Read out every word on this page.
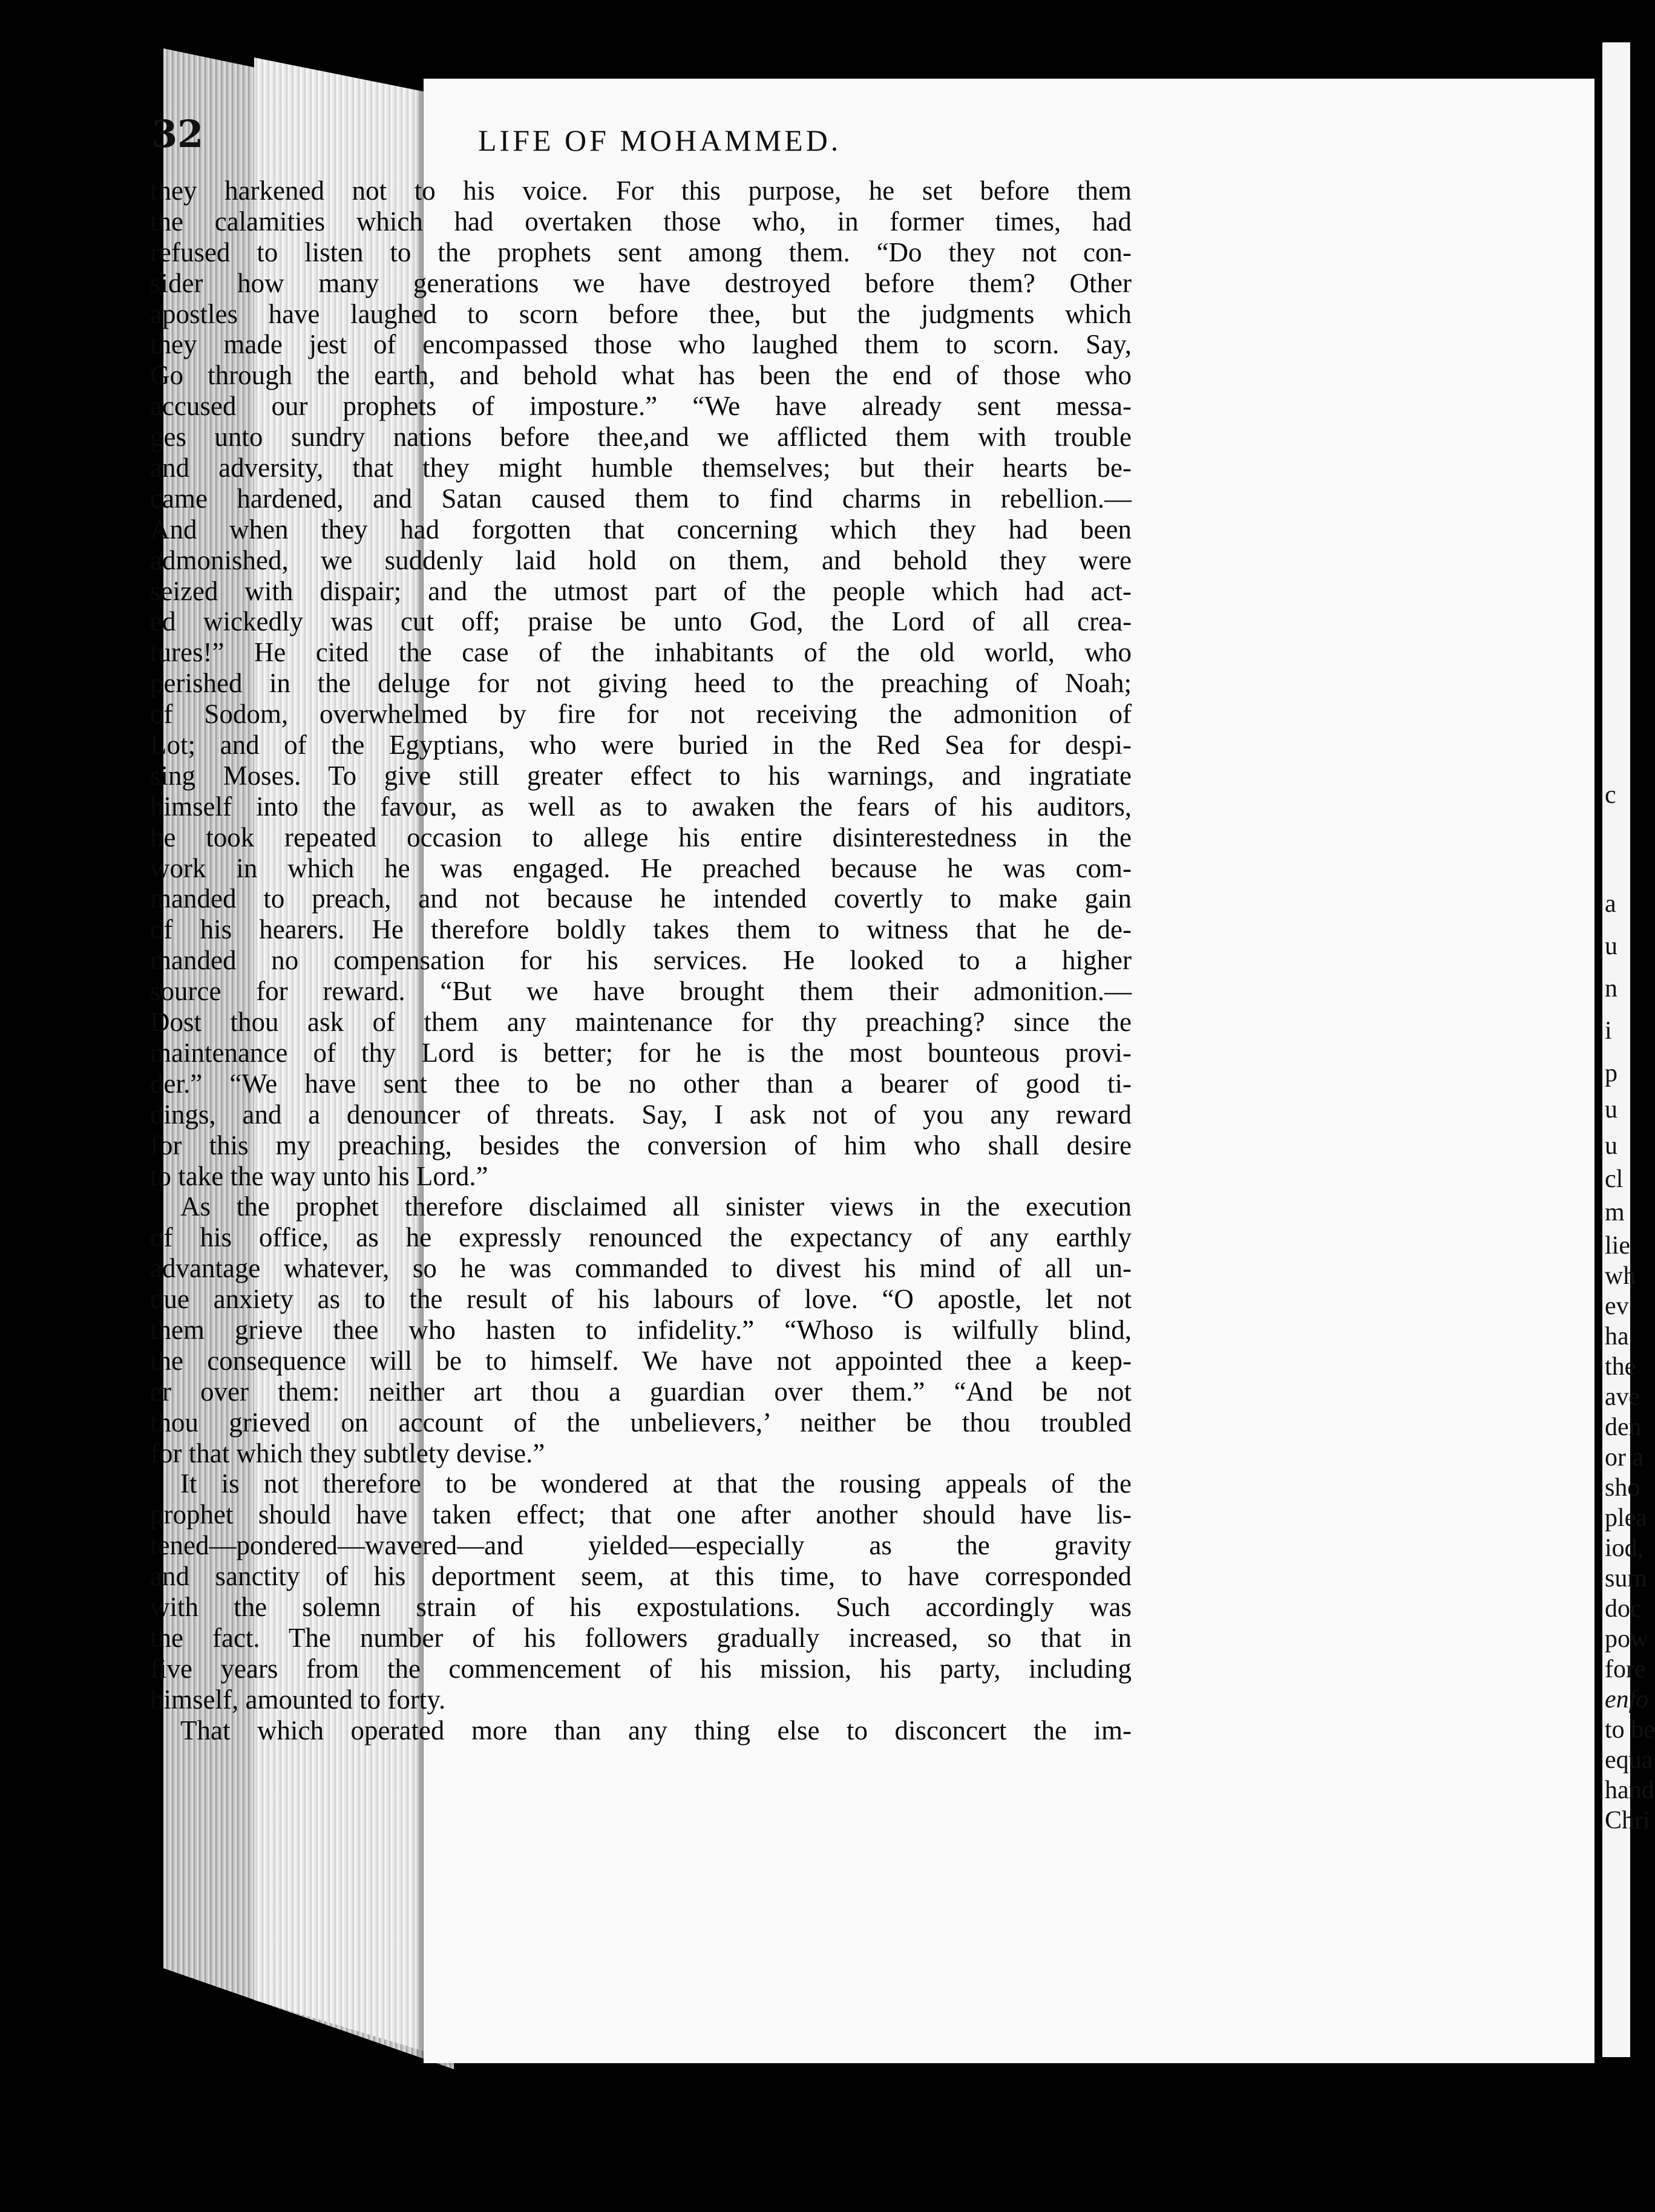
32	LIFE OF MOHAMMED.
they harkened not to his voice. For this purpose, he set before them
the calamities which had overtaken those who, in former times, had
refused to listen to the prophets sent among them. “Do they not con-
sider how many generations we have destroyed before them? Other
apostles have laughed to scorn before thee, but the judgments which
they made jest of encompassed those who laughed them to scorn. Say,
Go through the earth, and behold what has been the end of those who
accused our prophets of imposture.” “We have already sent messa-
ges unto sundry nations before thee,and we afflicted them with trouble
and adversity, that they might humble themselves; but their hearts be-
came hardened, and Satan caused them to find charms in rebellion.—
And when they had forgotten that concerning which they had been
admonished, we suddenly laid hold on them, and behold they were
seized with dispair; and the utmost part of the people which had act-
ed wickedly was cut off; praise be unto God, the Lord of all crea-
tures!” He cited the case of the inhabitants of the old world, who
perished in the deluge for not giving heed to the preaching of Noah;
of Sodom, overwhelmed by fire for not receiving the admonition of
Lot; and of the Egyptians, who were buried in the Red Sea for despi-
sing Moses. To give still greater effect to his warnings, and ingratiate
himself into the favour, as well as to awaken the fears of his auditors,
he took repeated occasion to allege his entire disinterestedness in the
work in which he was engaged. He preached because he was com-
manded to preach, and not because he intended covertly to make gain
of his hearers. He therefore boldly takes them to witness that he de-
manded no compensation for his services. He looked to a higher
source for reward. “But we have brought them their admonition.—
Dost thou ask of them any maintenance for thy preaching? since the
maintenance of thy Lord is better; for he is the most bounteous provi-
der.” “We have sent thee to be no other than a bearer of good ti-
dings, and a denouncer of threats. Say, I ask not of you any reward
for this my preaching, besides the conversion of him who shall desire
to take the way unto his Lord.”
As the prophet therefore disclaimed all sinister views in the execution
of his office, as he expressly renounced the expectancy of any earthly
advantage whatever, so he was commanded to divest his mind of all un-
due anxiety as to the result of his labours of love. “O apostle, let not
them grieve thee who hasten to infidelity.” “Whoso is wilfully blind,
the consequence will be to himself. We have not appointed thee a keep-
er over them: neither art thou a guardian over them.” “And be not
thou grieved on account of the unbelievers,’ neither be thou troubled
for that which they subtlety devise.”
It is not therefore to be wondered at that the rousing appeals of the
prophet should have taken effect; that one after another should have lis-
tened—pondered—wavered—and yielded—especially as the gravity
and sanctity of his deportment seem, at this time, to have corresponded
with the solemn strain of his expostulations. Such accordingly was
the fact. The number of his followers gradually increased, so that in
five years from the commencement of his mission, his party, including
himself, amounted to forty.
That which operated more than any thing else to disconcert the im-
c
a
u
n
i
p
u
u
cl
m
lie
wh
ev
ha
the
ave
den
or a
sho
plea
iod,
sum
doc
pow
fore
enfo
to be
equa
hand
Chri
